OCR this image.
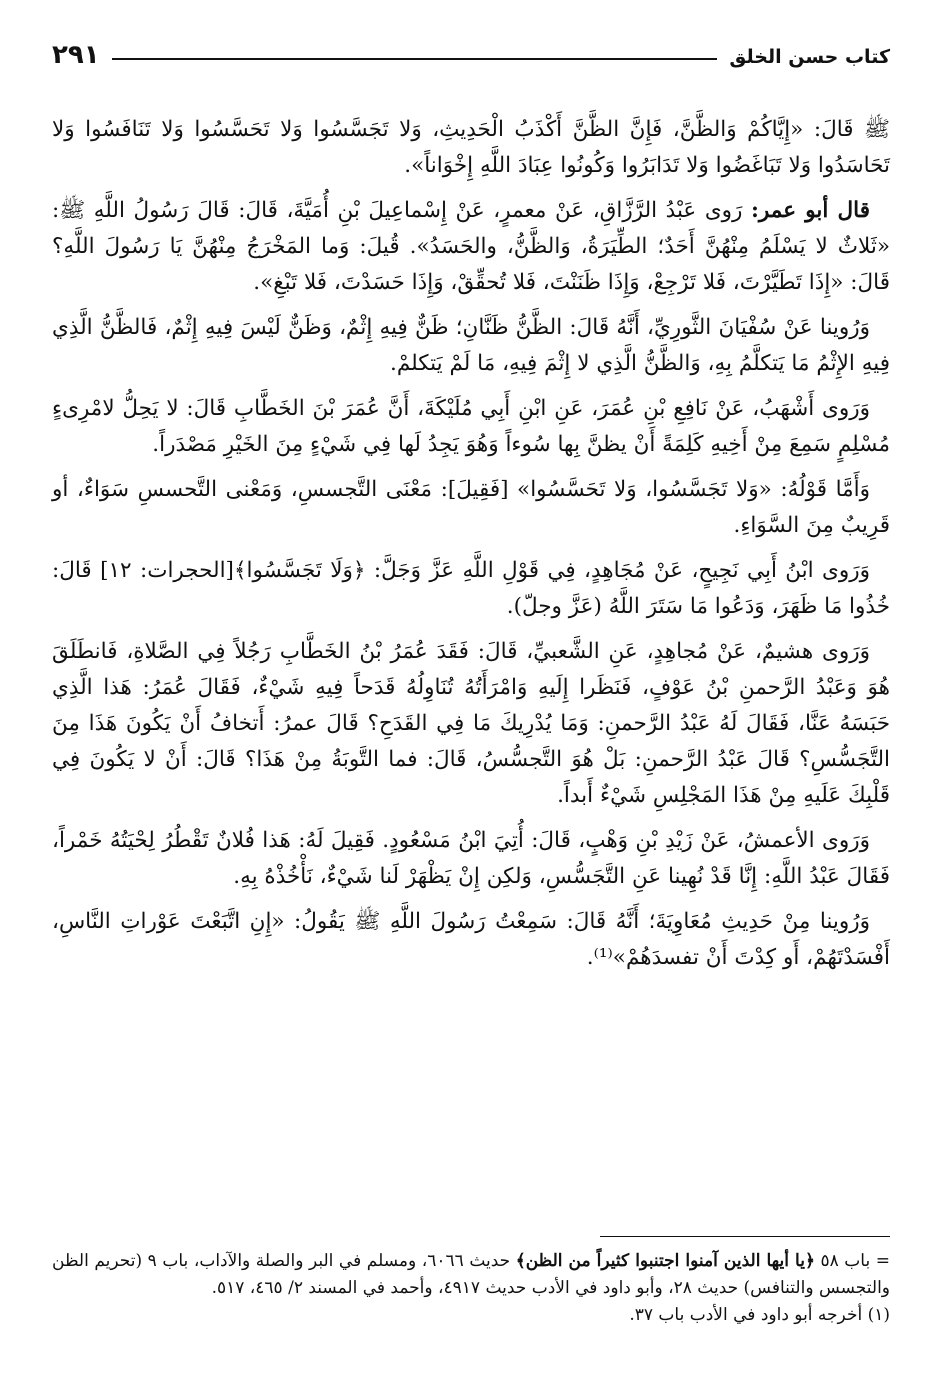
كتاب حسن الخلق
٢٩١

ﷺ قَالَ: «إِيَّاكُمْ وَالظَّنَّ، فَإِنَّ الظَّنَّ أَكْذَبُ الْحَدِيثِ، وَلا تَجَسَّسُوا وَلا تَحَسَّسُوا وَلا تَنَافَسُوا وَلا تَحَاسَدُوا وَلا تَبَاغَضُوا وَلا تَدَابَرُوا وَكُونُوا عِبَادَ اللَّهِ إِخْوَاناً».

قال أبو عمر: رَوى عَبْدُ الرَّزَّاقِ، عَنْ معمرٍ، عَنْ إِسْماعِيلَ بْنِ أُمَيَّةَ، قَالَ: قَالَ رَسُولُ اللَّهِ ﷺ: «ثَلاثٌ لا يَسْلَمُ مِنْهُنَّ أَحَدٌ؛ الطِّيَرَةُ، وَالظَّنُّ، والحَسَدُ». قُيلَ: وَما المَخْرَجُ مِنْهُنَّ يَا رَسُولَ اللَّهِ؟ قَالَ: «إِذَا تَطَيَّرْتَ، فَلا تَرْجِعْ، وَإِذَا ظَنَنْتَ، فَلا تُحقِّقْ، وَإِذَا حَسَدْتَ، فَلا تَبْغِ».

وَرُوينا عَنْ سُفْيَانَ الثَّورِيِّ، أَنَّهُ قَالَ: الظَّنُّ ظَنَّانِ؛ ظَنٌّ فِيهِ إِثْمٌ، وَظَنٌّ لَيْسَ فِيهِ إِثْمٌ، فَالظَّنُّ الَّذِي فِيهِ الإِثْمُ مَا يَتكلَّمُ بِهِ، وَالظَّنُّ الَّذِي لا إِثْمَ فِيهِ، مَا لَمْ يَتكلمْ.

وَرَوى أَشْهَبُ، عَنْ نَافِعِ بْنِ عُمَرَ، عَنِ ابْنِ أَبِي مُلَيْكَةَ، أَنَّ عُمَرَ بْنَ الخَطَّابِ قَالَ: لا يَحِلُّ لامْرِىءٍ مُسْلِمٍ سَمِعَ مِنْ أَخِيهِ كَلِمَةً أَنْ يظنَّ بِها سُوءاً وَهُوَ يَجِدُ لَها فِي شَيْءٍ مِنَ الخَيْرِ مَصْدَراً.

وَأَمَّا قَوْلُهُ: «وَلا تَجَسَّسُوا، وَلا تَحَسَّسُوا» [فَقِيلَ]: مَعْنَى التَّجسسِ، وَمَعْنى التَّحسسِ سَوَاءٌ، أو قَرِيبٌ مِنَ السَّوَاءِ.

وَرَوى ابْنُ أَبِي نَجِيحٍ، عَنْ مُجَاهِدٍ، فِي قَوْلِ اللَّهِ عَزَّ وَجَلَّ: ﴿وَلَا تَجَسَّسُوا﴾[الحجرات: ١٢] قَالَ: خُذُوا مَا ظَهَرَ، وَدَعُوا مَا سَتَرَ اللَّهُ (عَزَّ وجلّ).

وَرَوى هشيمٌ، عَنْ مُجاهِدٍ، عَنِ الشَّعبيِّ، قَالَ: فَقَدَ عُمَرُ بْنُ الخَطَّابِ رَجُلاً فِي الصَّلاةِ، فَانطَلَقَ هُوَ وَعَبْدُ الرَّحمنِ بْنُ عَوْفٍ، فَنَظَرا إِلَيهِ وَامْرَأَتُهُ تُنَاوِلُهُ قَدَحاً فِيهِ شَيْءٌ، فَقَالَ عُمَرُ: هَذا الَّذِي حَبَسَهُ عَنَّا، فَقَالَ لَهُ عَبْدُ الرَّحمنِ: وَمَا يُدْرِيكَ مَا فِي القَدَحِ؟ قَالَ عمرُ: أَتخافُ أَنْ يَكُونَ هَذَا مِنَ التَّجَسُّسِ؟ قَالَ عَبْدُ الرَّحمنِ: بَلْ هُوَ التَّجسُّسُ، قَالَ: فما التَّوبَةُ مِنْ هَذَا؟ قَالَ: أَنْ لا يَكُونَ فِي قَلْبِكَ عَلَيهِ مِنْ هَذَا المَجْلِسِ شَيْءٌ أَبداً.

وَرَوى الأعمشُ، عَنْ زَيْدِ بْنِ وَهْبٍ، قَالَ: أُتِيَ ابْنُ مَسْعُودٍ. فَقِيلَ لَهُ: هَذا فُلانٌ تَقْطُرُ لِحْيَتُهُ خَمْراً، فَقَالَ عَبْدُ اللَّهِ: إِنَّا قَدْ نُهِينا عَنِ التَّجَسُّسِ، وَلكِن إِنْ يَظْهَرْ لَنا شَيْءٌ، نَأْخُذْهُ بِهِ.

وَرُوينا مِنْ حَدِيثِ مُعَاوِيَةَ؛ أَنَّهُ قَالَ: سَمِعْتُ رَسُولَ اللَّهِ ﷺ يَقُولُ: «إِنِ اتَّبَعْتَ عَوْراتِ النَّاسِ، أَفْسَدْتَهُمْ، أَو كِدْتَ أَنْ تفسدَهُمْ»⁽¹⁾.

= باب ٥٨ ﴿يا أيها الذين آمنوا اجتنبوا كثيراً من الظن﴾ حديث ٦٠٦٦، ومسلم في البر والصلة والآداب، باب ٩ (تحريم الظن والتجسس والتنافس) حديث ٢٨، وأبو داود في الأدب حديث ٤٩١٧، وأحمد في المسند ٢/ ٤٦٥، ٥١٧.

(١) أخرجه أبو داود في الأدب باب ٣٧.
